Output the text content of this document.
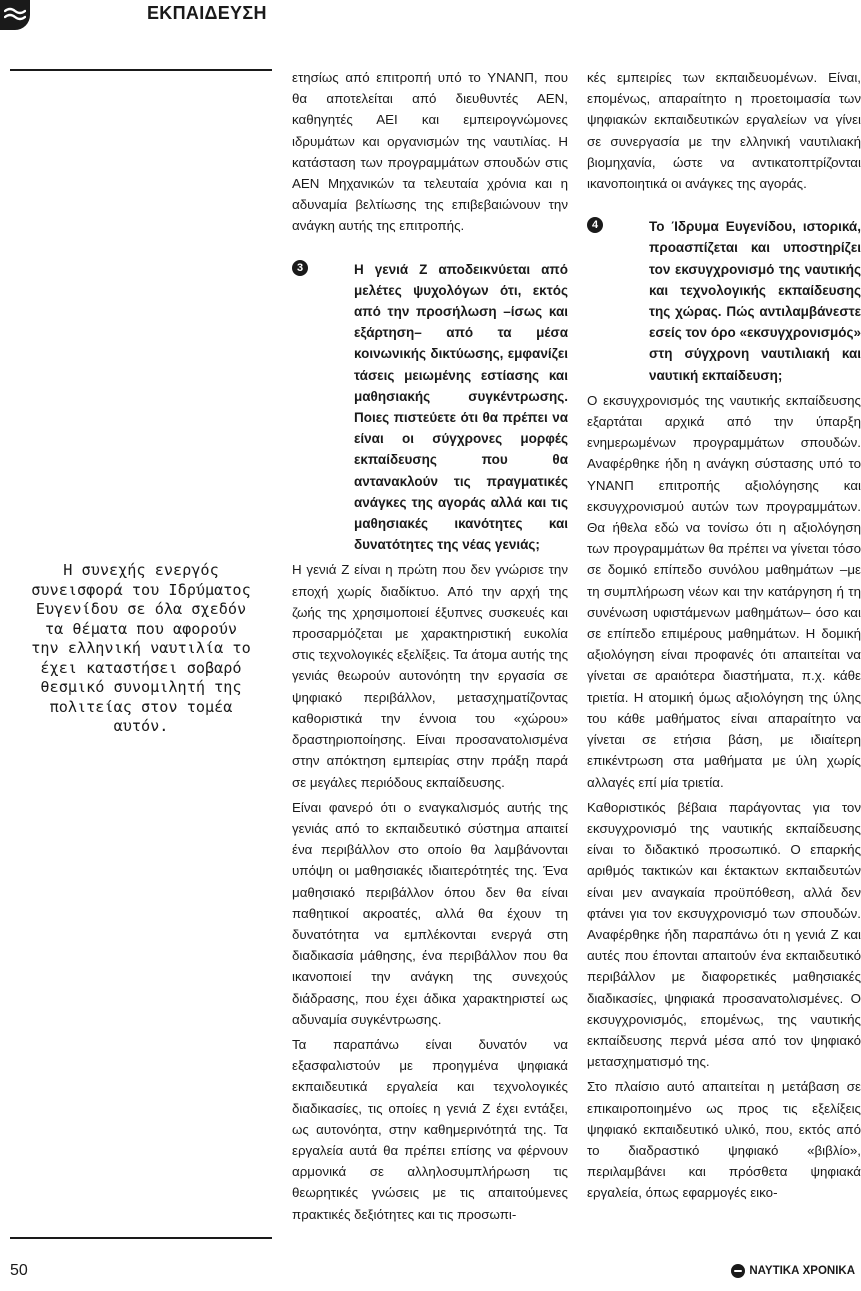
ΕΚΠΑΙΔΕΥΣΗ
Η συνεχής ενεργός
συνεισφορά του Ιδρύματος
Ευγενίδου σε όλα σχεδόν
τα θέματα που αφορούν
την ελληνική ναυτιλία το
έχει καταστήσει σοβαρό
θεσμικό συνομιλητή της
πολιτείας στον τομέα
αυτόν.

ετησίως από επιτροπή υπό το ΥΝΑΝΠ, που θα αποτελείται από διευθυντές ΑΕΝ, καθηγητές ΑΕΙ και εμπειρογνώμονες ιδρυμάτων και οργανισμών της ναυτιλίας. Η κατάσταση των προγραμμάτων σπουδών στις ΑΕΝ Μηχανικών τα τελευταία χρόνια και η αδυναμία βελτίωσης της επιβεβαιώνουν την ανάγκη αυτής της επιτροπής.

3	Η γενιά Ζ αποδεικνύεται από μελέτες ψυχολόγων ότι, εκτός από την προσήλωση –ίσως και εξάρτηση– από τα μέσα κοινωνικής δικτύωσης, εμφανίζει τάσεις μειωμένης εστίασης και μαθησιακής συγκέντρωσης. Ποιες πιστεύετε ότι θα πρέπει να είναι οι σύγχρονες μορφές εκπαίδευσης που θα αντανακλούν τις πραγματικές ανάγκες της αγοράς αλλά και τις μαθησιακές ικανότητες και δυνατότητες της νέας γενιάς;

Η γενιά Ζ είναι η πρώτη που δεν γνώρισε την εποχή χωρίς διαδίκτυο. Από την αρχή της ζωής της χρησιμοποιεί έξυπνες συσκευές και προσαρμόζεται με χαρακτηριστική ευκολία στις τεχνολογικές εξελίξεις. Τα άτομα αυτής της γενιάς θεωρούν αυτονόητη την εργασία σε ψηφιακό περιβάλλον, μετασχηματίζοντας καθοριστικά την έννοια του «χώρου» δραστηριοποίησης. Είναι προσανατολισμένα στην απόκτηση εμπειρίας στην πράξη παρά σε μεγάλες περιόδους εκπαίδευσης.

Είναι φανερό ότι ο εναγκαλισμός αυτής της γενιάς από το εκπαιδευτικό σύστημα απαιτεί ένα περιβάλλον στο οποίο θα λαμβάνονται υπόψη οι μαθησιακές ιδιαιτερότητές της. Ένα μαθησιακό περιβάλλον όπου δεν θα είναι παθητικοί ακροατές, αλλά θα έχουν τη δυνατότητα να εμπλέκονται ενεργά στη διαδικασία μάθησης, ένα περιβάλλον που θα ικανοποιεί την ανάγκη της συνεχούς διάδρασης, που έχει άδικα χαρακτηριστεί ως αδυναμία συγκέντρωσης.

Τα παραπάνω είναι δυνατόν να εξασφαλιστούν με προηγμένα ψηφιακά εκπαιδευτικά εργαλεία και τεχνολογικές διαδικασίες, τις οποίες η γενιά Ζ έχει εντάξει, ως αυτονόητα, στην καθημερινότητά της. Τα εργαλεία αυτά θα πρέπει επίσης να φέρνουν αρμονικά σε αλληλοσυμπλήρωση τις θεωρητικές γνώσεις με τις απαιτούμενες πρακτικές δεξιότητες και τις προσωπι-

κές εμπειρίες των εκπαιδευομένων. Είναι, επομένως, απαραίτητο η προετοιμασία των ψηφιακών εκπαιδευτικών εργαλείων να γίνει σε συνεργασία με την ελληνική ναυτιλιακή βιομηχανία, ώστε να αντικατοπτρίζονται ικανοποιητικά οι ανάγκες της αγοράς.

4	Το Ίδρυμα Ευγενίδου, ιστορικά, προασπίζεται και υποστηρίζει τον εκσυγχρονισμό της ναυτικής και τεχνολογικής εκπαίδευσης της χώρας. Πώς αντιλαμβάνεστε εσείς τον όρο «εκσυγχρονισμός» στη σύγχρονη ναυτιλιακή και ναυτική εκπαίδευση;

Ο εκσυγχρονισμός της ναυτικής εκπαίδευσης εξαρτάται αρχικά από την ύπαρξη ενημερωμένων προγραμμάτων σπουδών. Αναφέρθηκε ήδη η ανάγκη σύστασης υπό το ΥΝΑΝΠ επιτροπής αξιολόγησης και εκσυγχρονισμού αυτών των προγραμμάτων. Θα ήθελα εδώ να τονίσω ότι η αξιολόγηση των προγραμμάτων θα πρέπει να γίνεται τόσο σε δομικό επίπεδο συνόλου μαθημάτων –με τη συμπλήρωση νέων και την κατάργηση ή τη συνένωση υφιστάμενων μαθημάτων– όσο και σε επίπεδο επιμέρους μαθημάτων. Η δομική αξιολόγηση είναι προφανές ότι απαιτείται να γίνεται σε αραιότερα διαστήματα, π.χ. κάθε τριετία. Η ατομική όμως αξιολόγηση της ύλης του κάθε μαθήματος είναι απαραίτητο να γίνεται σε ετήσια βάση, με ιδιαίτερη επικέντρωση στα μαθήματα με ύλη χωρίς αλλαγές επί μία τριετία.

Καθοριστικός βέβαια παράγοντας για τον εκσυγχρονισμό της ναυτικής εκπαίδευσης είναι το διδακτικό προσωπικό. Ο επαρκής αριθμός τακτικών και έκτακτων εκπαιδευτών είναι μεν αναγκαία προϋπόθεση, αλλά δεν φτάνει για τον εκσυγχρονισμό των σπουδών. Αναφέρθηκε ήδη παραπάνω ότι η γενιά Ζ και αυτές που έπονται απαιτούν ένα εκπαιδευτικό περιβάλλον με διαφορετικές μαθησιακές διαδικασίες, ψηφιακά προσανατολισμένες. Ο εκσυγχρονισμός, επομένως, της ναυτικής εκπαίδευσης περνά μέσα από τον ψηφιακό μετασχηματισμό της.

Στο πλαίσιο αυτό απαιτείται η μετάβαση σε επικαιροποιημένο ως προς τις εξελίξεις ψηφιακό εκπαιδευτικό υλικό, που, εκτός από το διαδραστικό ψηφιακό «βιβλίο», περιλαμβάνει και πρόσθετα ψηφιακά εργαλεία, όπως εφαρμογές εικο-

50	ΝΑΥΤΙΚΑ ΧΡΟΝΙΚΑ
